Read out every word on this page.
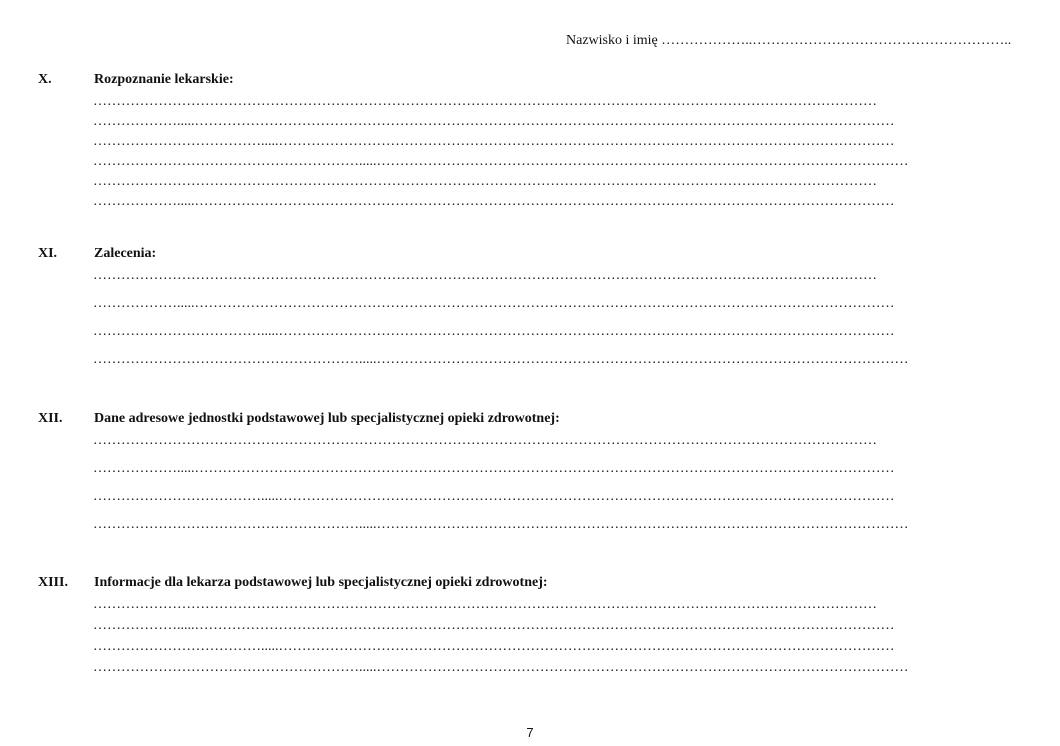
Nazwisko i imię ………………..………………………………………………..
X.	Rozpoznanie lekarskie:
……………………………………………………………………………………………………………………………………………………
……………….....……………………………………………………………………………………………………………………………………
……………………………….....……………………………………………………………………………………………………………………
………………………………………………….....……………………………………………………………………………………………………
……………………………………………………………………………………………………………………………………………………
……………….....……………………………………………………………………………………………………………………………………
XI.	Zalecenia:
……………………………………………………………………………………………………………………………………………………
……………….....……………………………………………………………………………………………………………………………………
……………………………….....……………………………………………………………………………………………………………………
………………………………………………….....……………………………………………………………………………………………………
XII. Dane adresowe jednostki podstawowej lub specjalistycznej opieki zdrowotnej:
……………………………………………………………………………………………………………………………………………………
……………….....……………………………………………………………………………………………………………………………………
……………………………….....……………………………………………………………………………………………………………………
………………………………………………….....……………………………………………………………………………………………………
XIII. Informacje dla lekarza podstawowej lub specjalistycznej opieki zdrowotnej:
……………………………………………………………………………………………………………………………………………………
……………….....……………………………………………………………………………………………………………………………………
……………………………….....……………………………………………………………………………………………………………………
………………………………………………….....……………………………………………………………………………………………………
7
